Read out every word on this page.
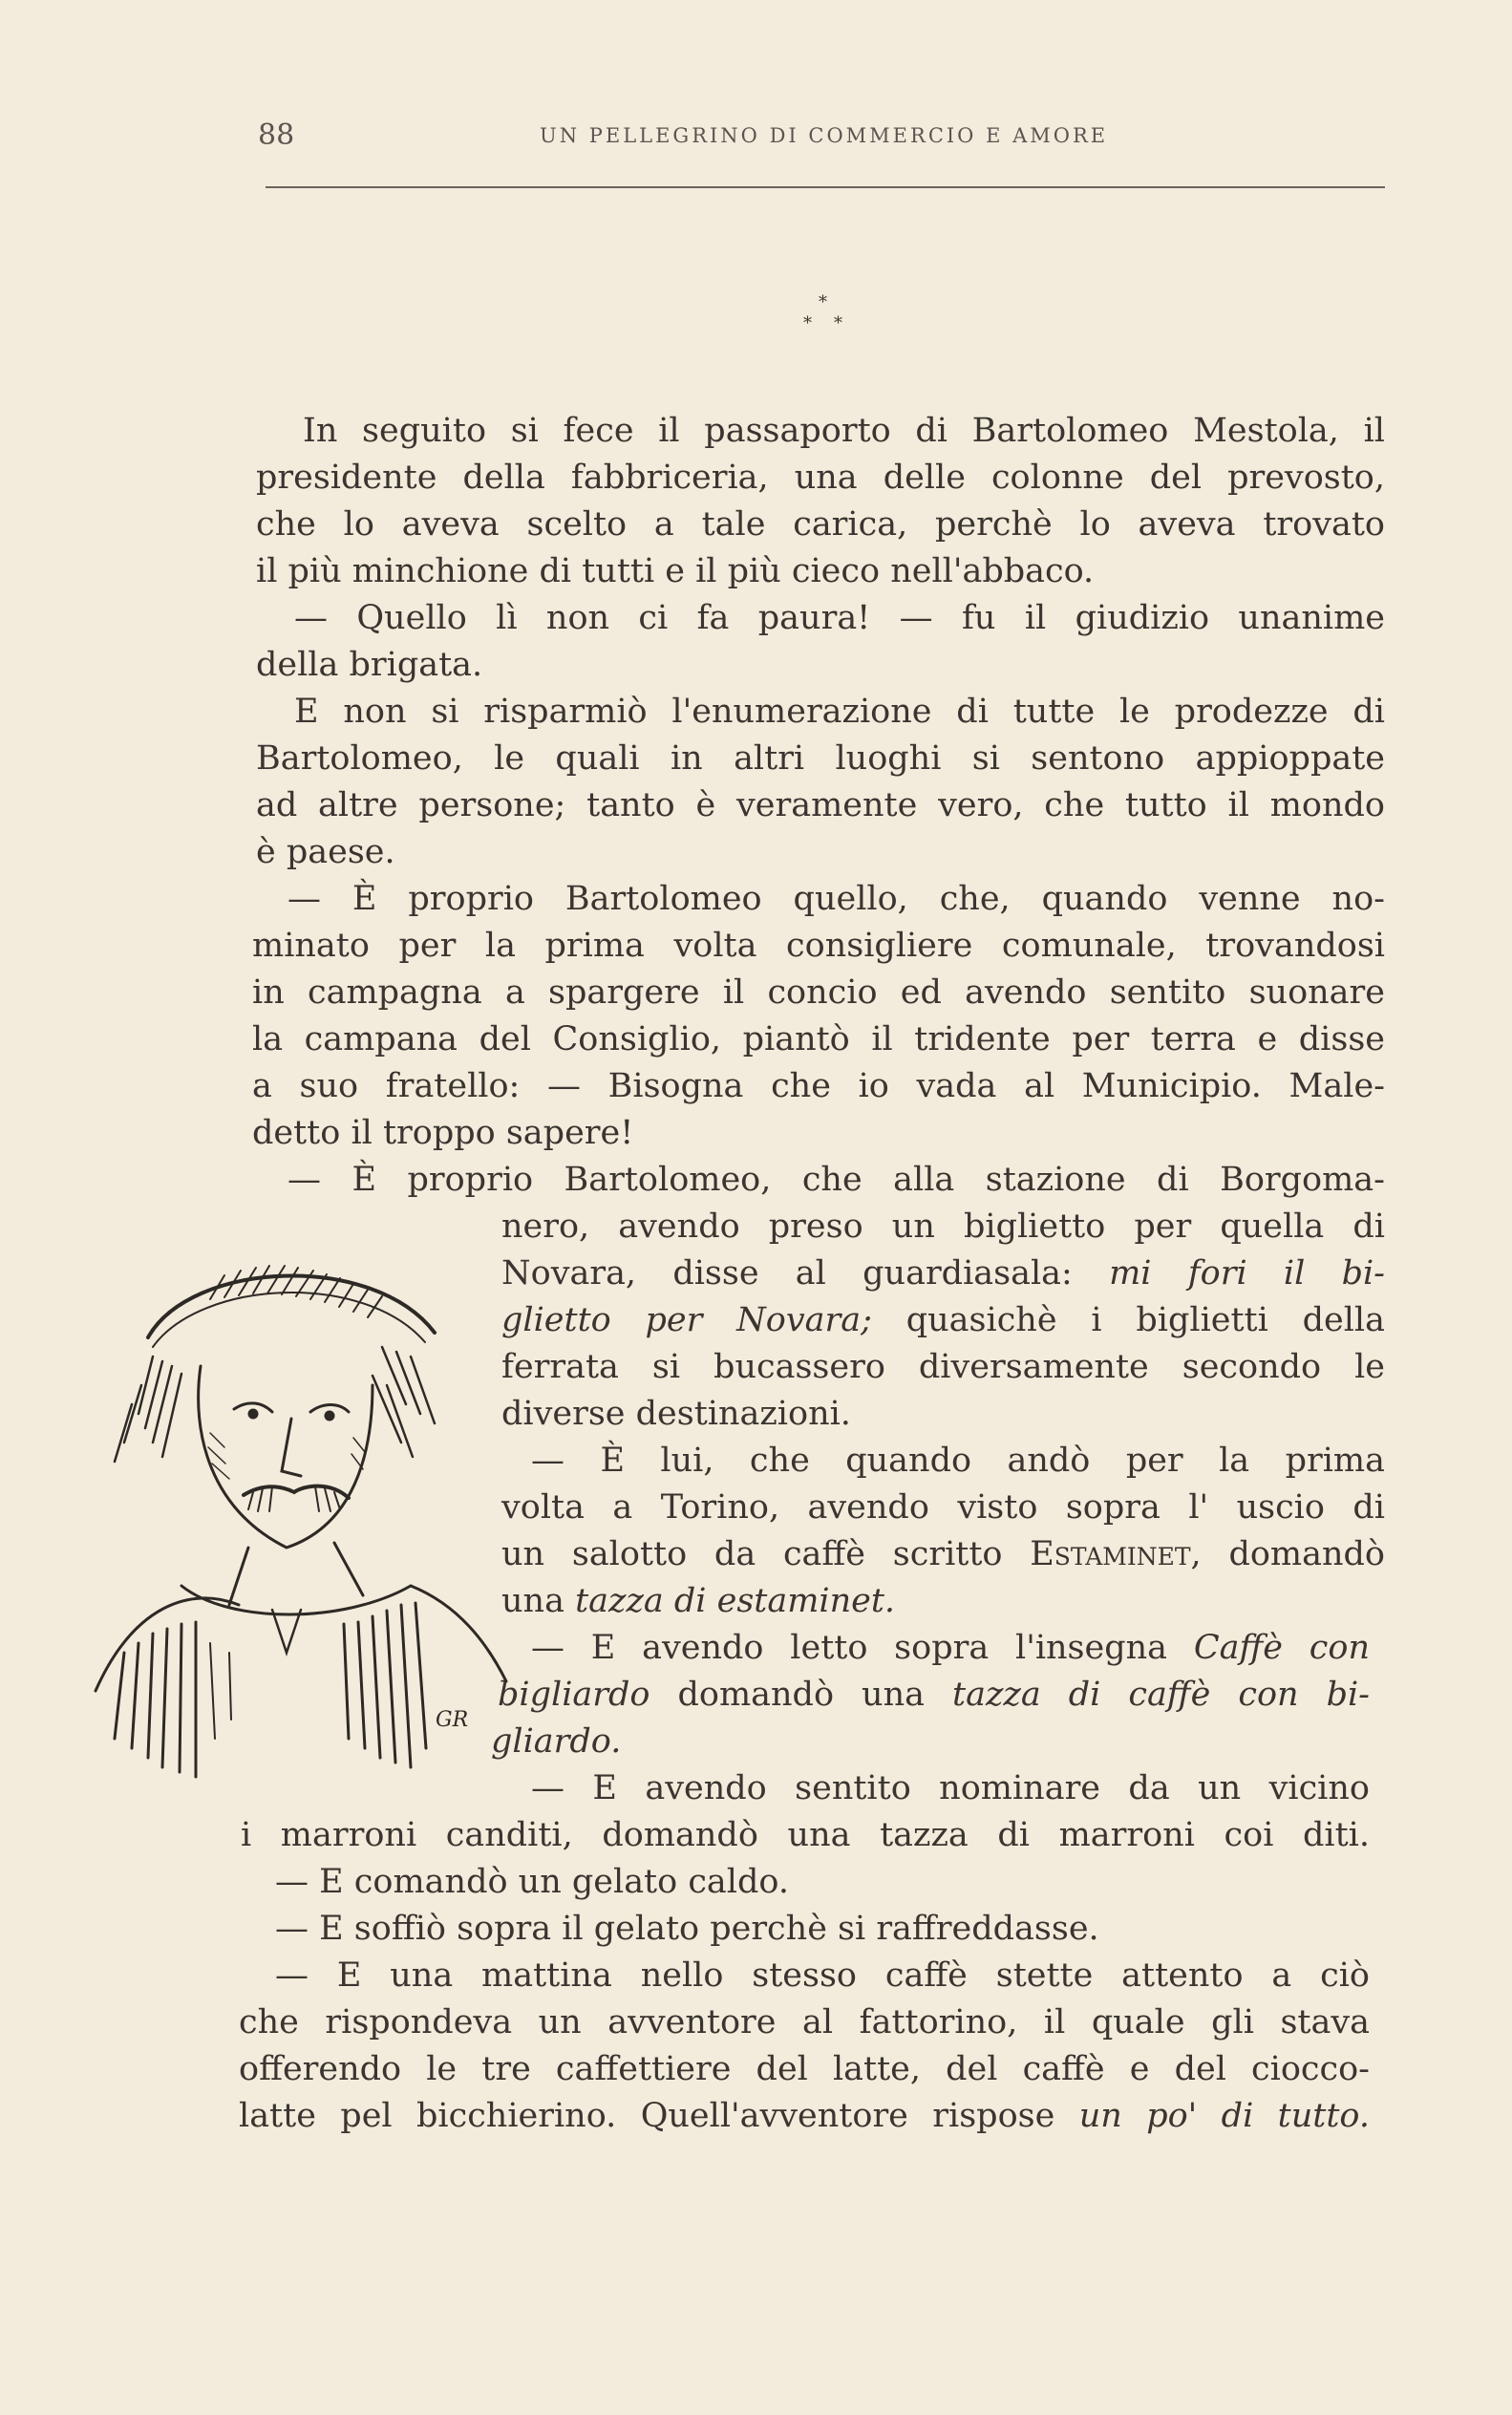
88	UN PELLEGRINO DI COMMERCIO E AMORE
*
* *
In seguito si fece il passaporto di Bartolomeo Mestola, il
presidente della fabbriceria, una delle colonne del prevosto,
che lo aveva scelto a tale carica, perchè lo aveva trovato
il più minchione di tutti e il più cieco nell'abbaco.
— Quello lì non ci fa paura! — fu il giudizio unanime
della brigata.
E non si risparmiò l'enumerazione di tutte le prodezze di
Bartolomeo, le quali in altri luoghi si sentono appioppate
ad altre persone; tanto è veramente vero, che tutto il mondo
è paese.
— È proprio Bartolomeo quello, che, quando venne no-
minato per la prima volta consigliere comunale, trovandosi
in campagna a spargere il concio ed avendo sentito suonare
la campana del Consiglio, piantò il tridente per terra e disse
a suo fratello: — Bisogna che io vada al Municipio. Male-
detto il troppo sapere!
— È proprio Bartolomeo, che alla stazione di Borgoma-
nero, avendo preso un biglietto per quella di
Novara, disse al guardiasala: mi fori il bi-
glietto per Novara; quasichè i biglietti della
ferrata si bucassero diversamente secondo le
diverse destinazioni.
— È lui, che quando andò per la prima
volta a Torino, avendo visto sopra l' uscio di
un salotto da caffè scritto Estaminet, domandò
una tazza di estaminet.
— E avendo letto sopra l'insegna Caffè con
bigliardo domandò una tazza di caffè con bi-
gliardo.
— E avendo sentito nominare da un vicino
i marroni canditi, domandò una tazza di marroni coi diti.
— E comandò un gelato caldo.
— E soffiò sopra il gelato perchè si raffreddasse.
— E una mattina nello stesso caffè stette attento a ciò
che rispondeva un avventore al fattorino, il quale gli stava
offerendo le tre caffettiere del latte, del caffè e del ciocco-
latte pel bicchierino. Quell'avventore rispose un po' di tutto.
GR
